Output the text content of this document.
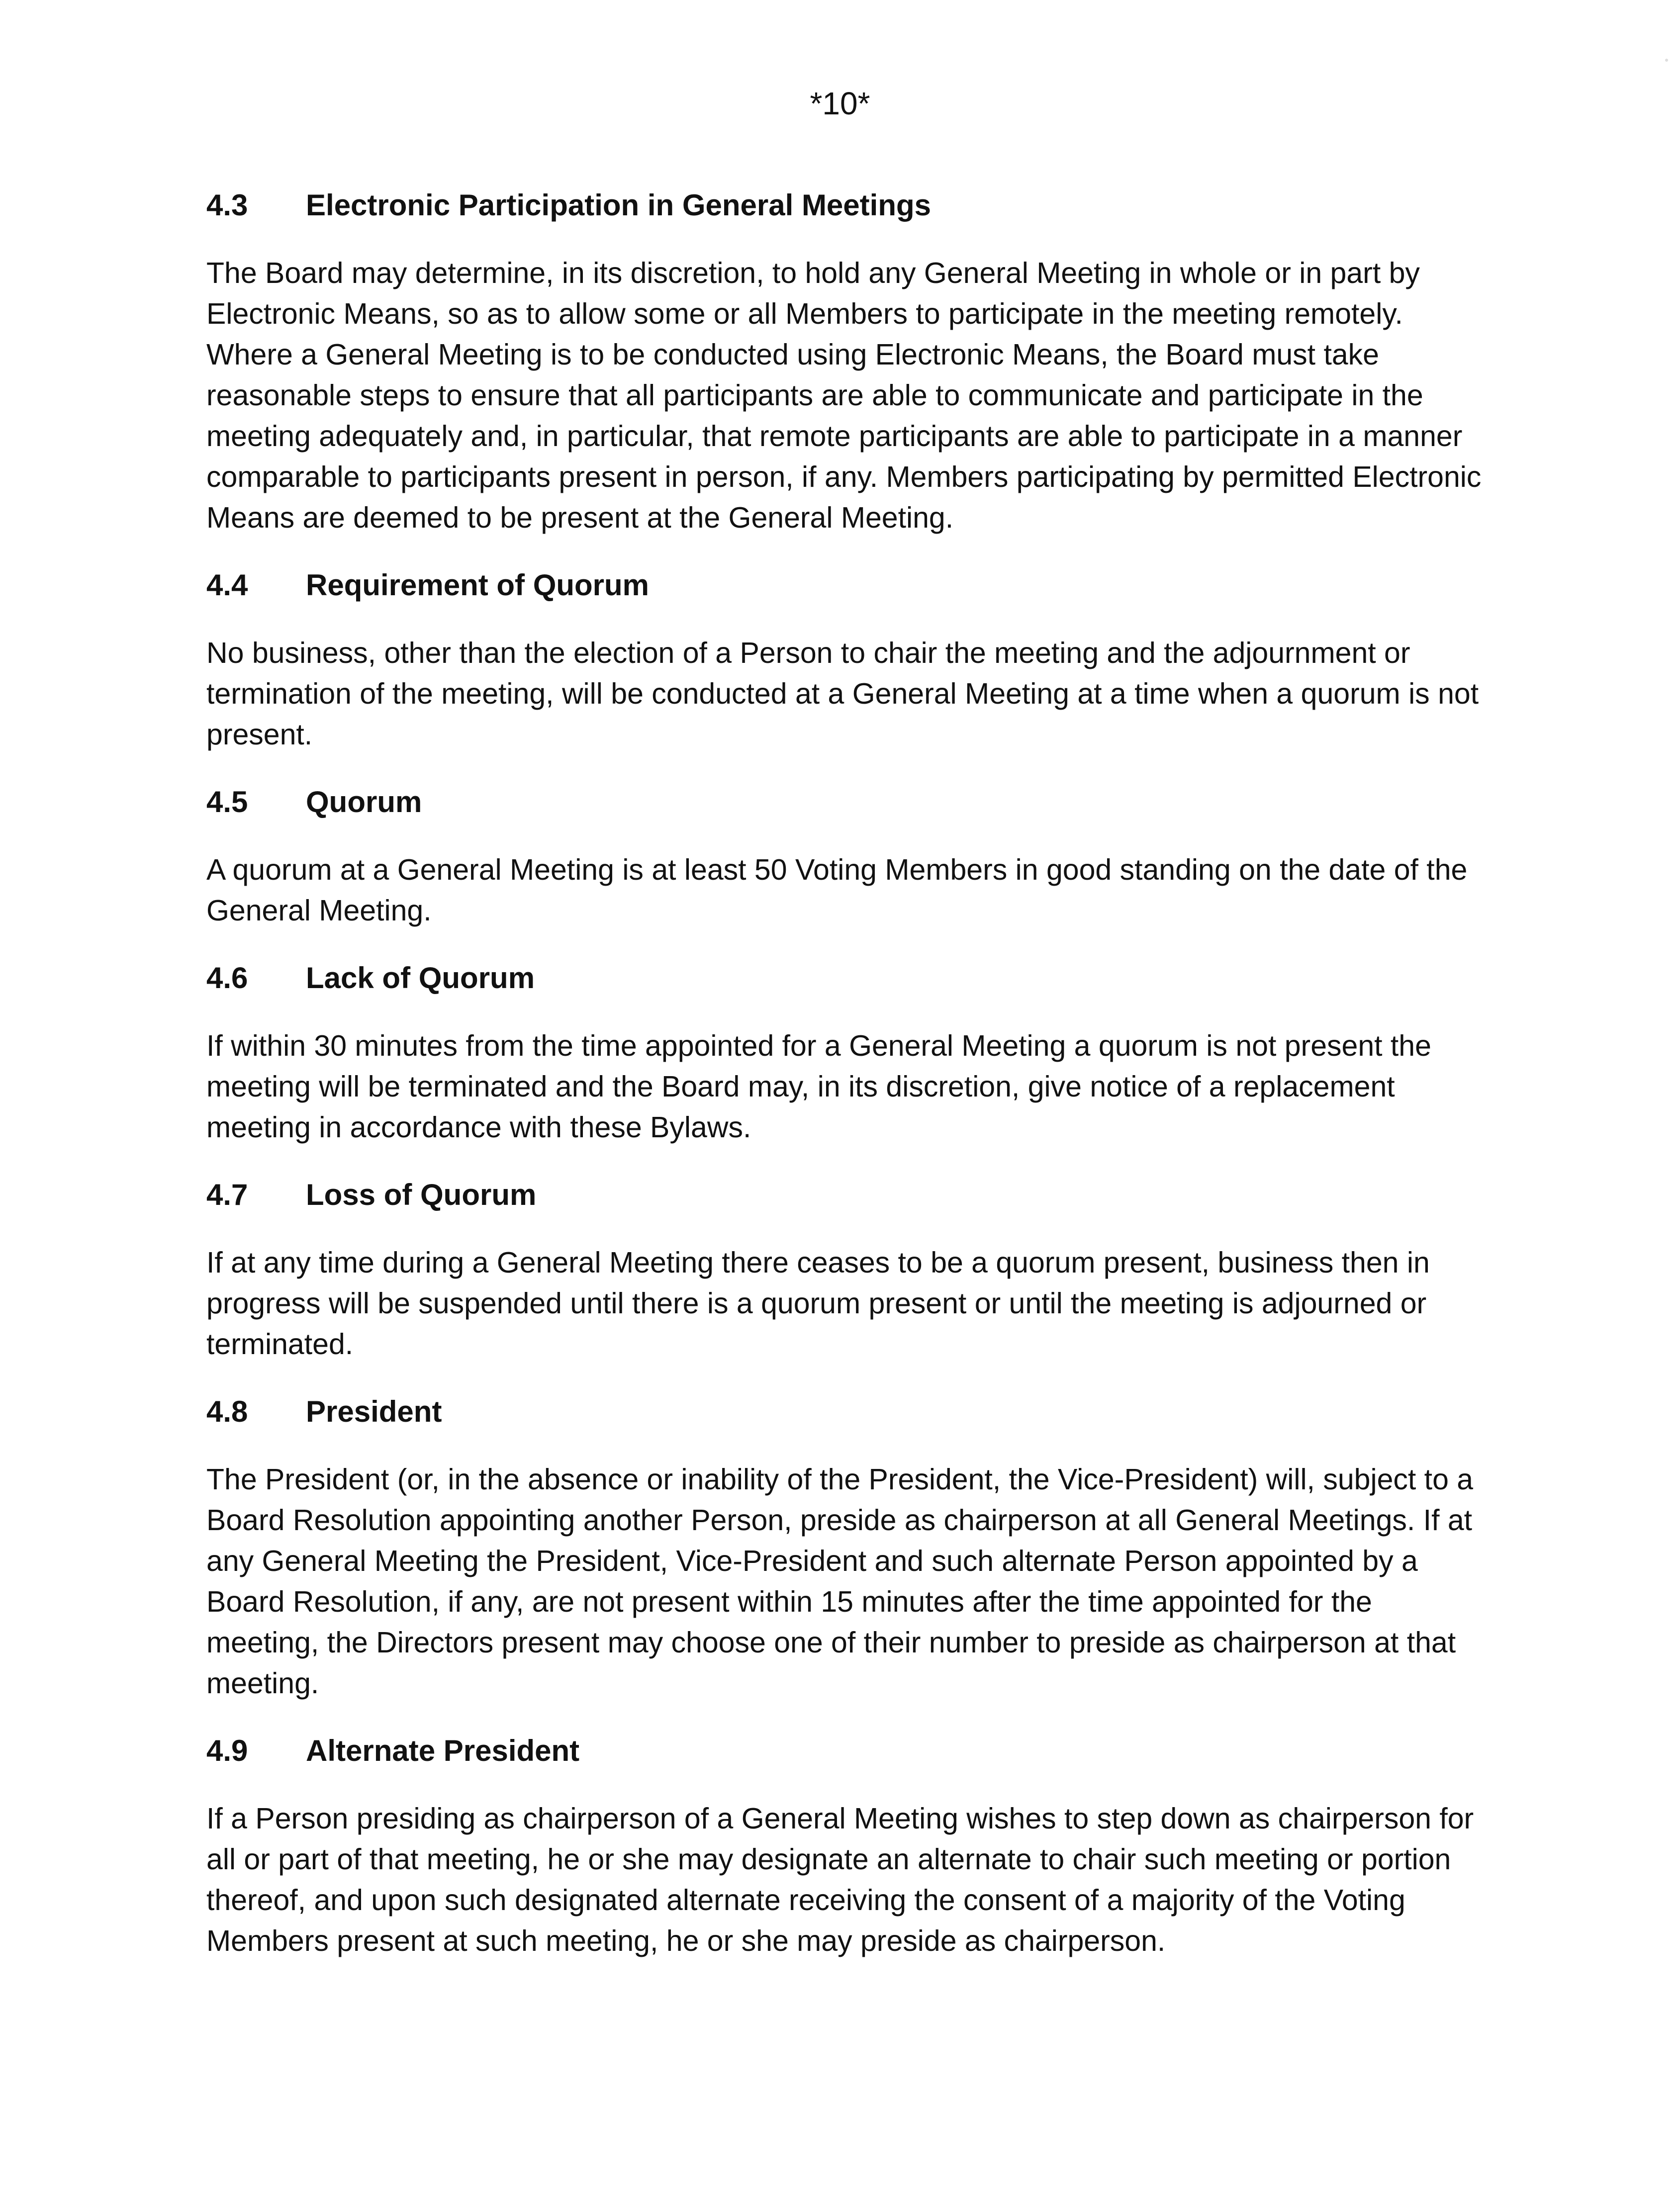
*10*
4.3	Electronic Participation in General Meetings

The Board may determine, in its discretion, to hold any General Meeting in whole or in part by Electronic Means, so as to allow some or all Members to participate in the meeting remotely. Where a General Meeting is to be conducted using Electronic Means, the Board must take reasonable steps to ensure that all participants are able to communicate and participate in the meeting adequately and, in particular, that remote participants are able to participate in a manner comparable to participants present in person, if any. Members participating by permitted Electronic Means are deemed to be present at the General Meeting.

4.4	Requirement of Quorum

No business, other than the election of a Person to chair the meeting and the adjournment or termination of the meeting, will be conducted at a General Meeting at a time when a quorum is not present.

4.5	Quorum

A quorum at a General Meeting is at least 50 Voting Members in good standing on the date of the General Meeting.

4.6	Lack of Quorum

If within 30 minutes from the time appointed for a General Meeting a quorum is not present the meeting will be terminated and the Board may, in its discretion, give notice of a replacement meeting in accordance with these Bylaws.

4.7	Loss of Quorum

If at any time during a General Meeting there ceases to be a quorum present, business then in progress will be suspended until there is a quorum present or until the meeting is adjourned or terminated.

4.8	President

The President (or, in the absence or inability of the President, the Vice-President) will, subject to a Board Resolution appointing another Person, preside as chairperson at all General Meetings. If at any General Meeting the President, Vice-President and such alternate Person appointed by a Board Resolution, if any, are not present within 15 minutes after the time appointed for the meeting, the Directors present may choose one of their number to preside as chairperson at that meeting.

4.9	Alternate President

If a Person presiding as chairperson of a General Meeting wishes to step down as chairperson for all or part of that meeting, he or she may designate an alternate to chair such meeting or portion thereof, and upon such designated alternate receiving the consent of a majority of the Voting Members present at such meeting, he or she may preside as chairperson.
